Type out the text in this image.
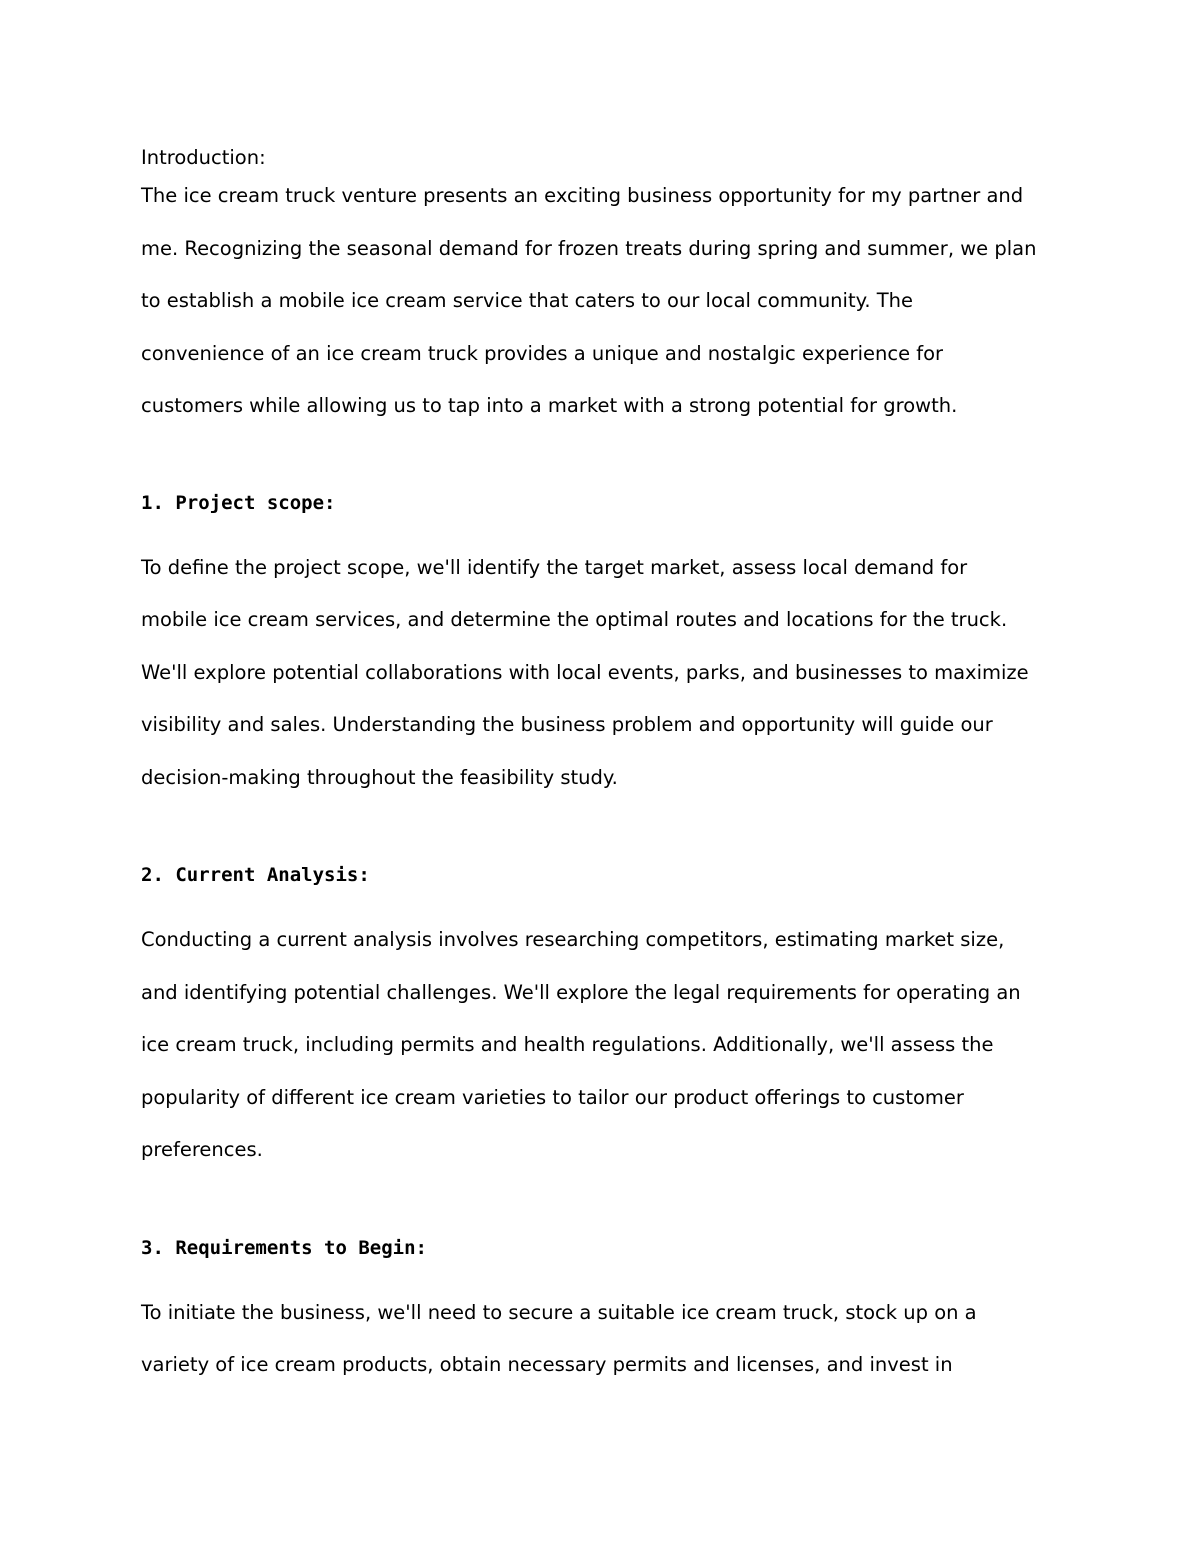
Introduction:

The ice cream truck venture presents an exciting business opportunity for my partner and
me. Recognizing the seasonal demand for frozen treats during spring and summer, we plan
to establish a mobile ice cream service that caters to our local community. The
convenience of an ice cream truck provides a unique and nostalgic experience for
customers while allowing us to tap into a market with a strong potential for growth.

1. Project scope:

To define the project scope, we'll identify the target market, assess local demand for
mobile ice cream services, and determine the optimal routes and locations for the truck.
We'll explore potential collaborations with local events, parks, and businesses to maximize
visibility and sales. Understanding the business problem and opportunity will guide our
decision-making throughout the feasibility study.

2. Current Analysis:

Conducting a current analysis involves researching competitors, estimating market size,
and identifying potential challenges. We'll explore the legal requirements for operating an
ice cream truck, including permits and health regulations. Additionally, we'll assess the
popularity of different ice cream varieties to tailor our product offerings to customer
preferences.

3. Requirements to Begin:

To initiate the business, we'll need to secure a suitable ice cream truck, stock up on a
variety of ice cream products, obtain necessary permits and licenses, and invest in
